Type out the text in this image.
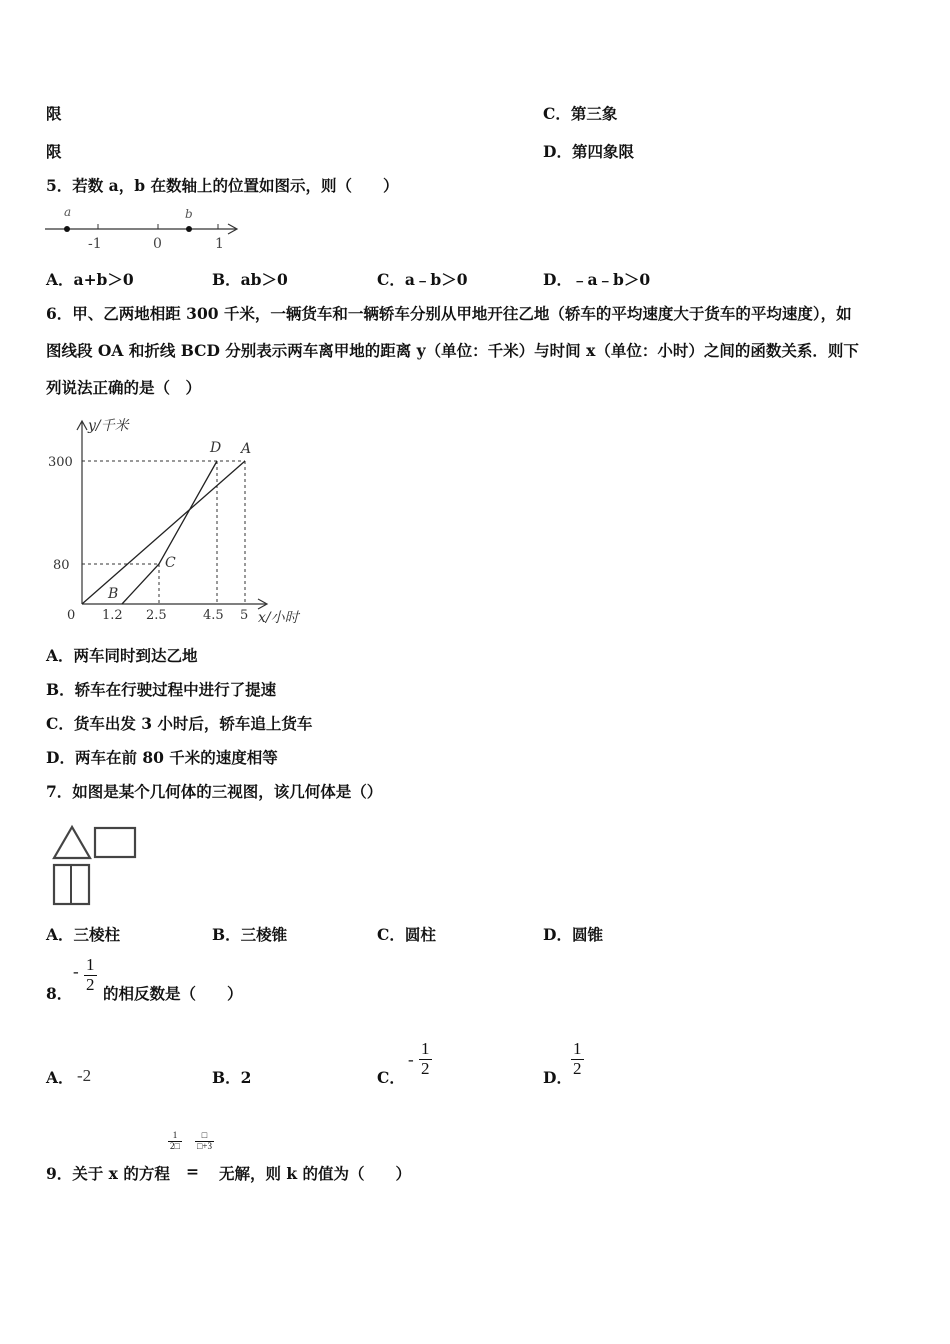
限	C．第三象
限	D．第四象限
5．若数 a，b 在数轴上的位置如图示，则（　　）
a	b
-1	0	1
A．a+b＞0	B．ab＞0	C．a﹣b＞0	D．﹣a﹣b＞0
6．甲、乙两地相距 300 千米，一辆货车和一辆轿车分别从甲地开往乙地（轿车的平均速度大于货车的平均速度），如
图线段 OA 和折线 BCD 分别表示两车离甲地的距离 y（单位：千米）与时间 x（单位：小时）之间的函数关系．则下
列说法正确的是（　）
y/千米
300
80
0 1.2 2.5	4.5 5 x/小时
D A
C
B
A．两车同时到达乙地
B．轿车在行驶过程中进行了提速
C．货车出发 3 小时后，轿车追上货车
D．两车在前 80 千米的速度相等
7．如图是某个几何体的三视图，该几何体是（）
A．三棱柱	B．三棱锥	C．圆柱	D．圆锥
8．
- $\frac{1}{2}$ 的相反数是（　　）
A． -2	B．2	C．
- $\frac{1}{2}$	D． $\frac{1}{2}$
9．关于 x 的方程
$\frac{1}{2□}$
=
$\frac{□}{□+3}$
无解，则 k 的值为（　　）
